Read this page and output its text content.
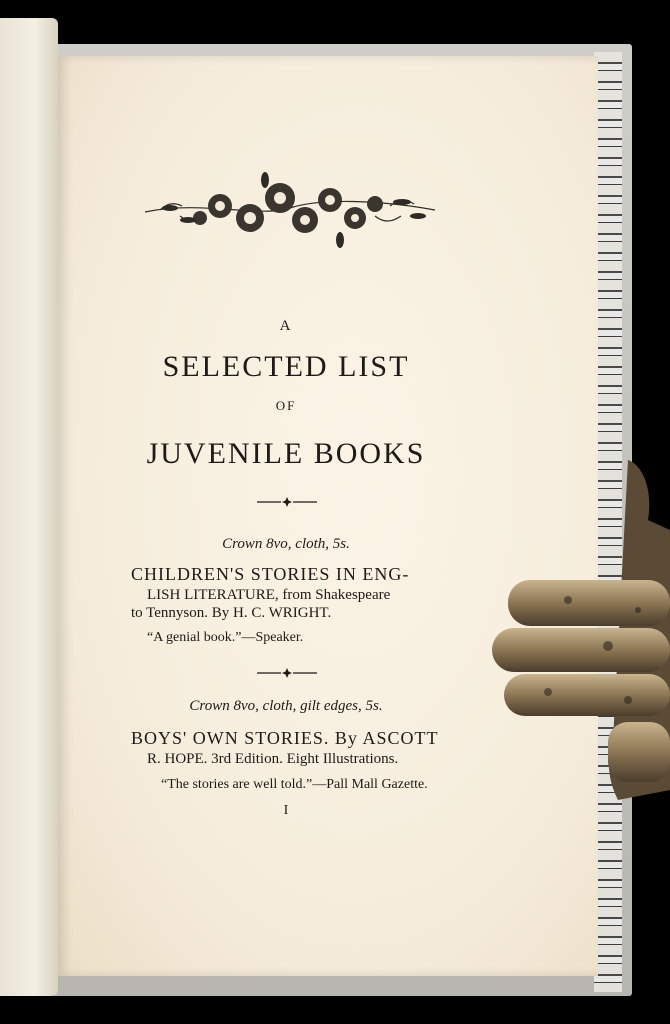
A
SELECTED LIST
OF
JUVENILE BOOKS
Crown 8vo, cloth, 5s.
CHILDREN'S STORIES IN ENG-
LISH LITERATURE, from Shakespeare
to Tennyson. By H. C. WRIGHT.
“A genial book.”—Speaker.
Crown 8vo, cloth, gilt edges, 5s.
BOYS' OWN STORIES. By ASCOTT
R. HOPE. 3rd Edition. Eight Illustrations.
“The stories are well told.”—Pall Mall Gazette.
I
